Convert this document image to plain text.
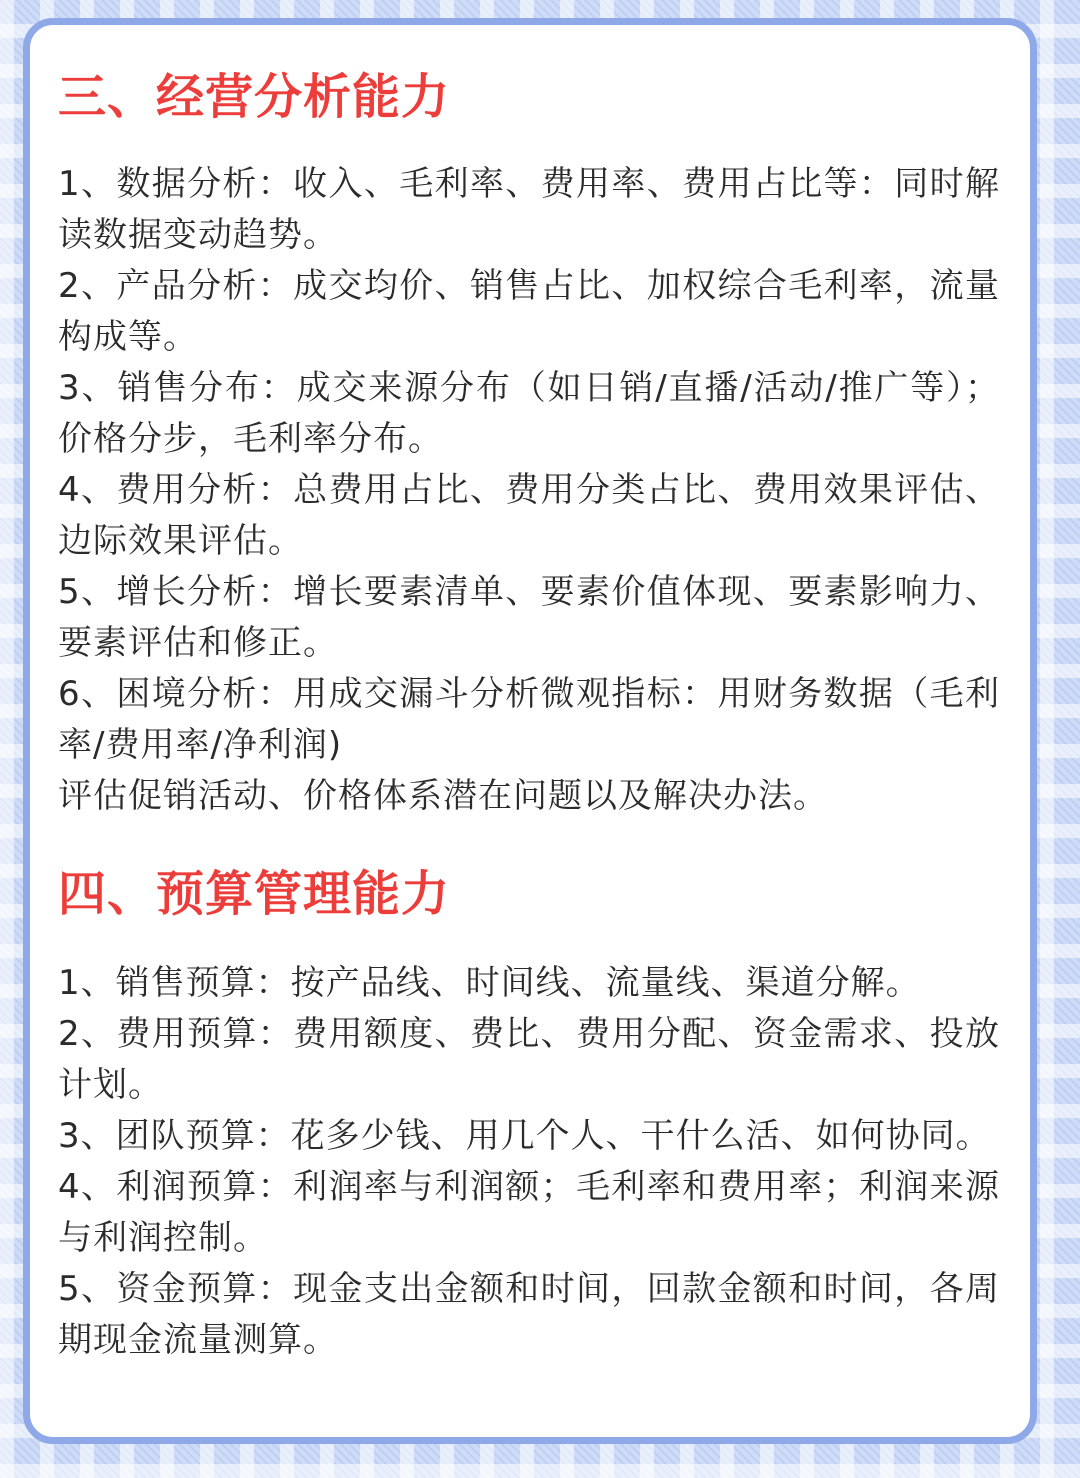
三、经营分析能力
1、数据分析：收入、毛利率、费用率、费用占比等：同时解读数据变动趋势。
2、产品分析：成交均价、销售占比、加权综合毛利率，流量构成等。
3、销售分布：成交来源分布（如日销/直播/活动/推广等）；价格分步，毛利率分布。
4、费用分析：总费用占比、费用分类占比、费用效果评估、边际效果评估。
5、增长分析：增长要素清单、要素价值体现、要素影响力、要素评估和修正。
6、困境分析：用成交漏斗分析微观指标：用财务数据（毛利率/费用率/净利润)
评估促销活动、价格体系潜在问题以及解决办法。
四、预算管理能力
1、销售预算：按产品线、时间线、流量线、渠道分解。
2、费用预算：费用额度、费比、费用分配、资金需求、投放计划。
3、团队预算：花多少钱、用几个人、干什么活、如何协同。
4、利润预算：利润率与利润额；毛利率和费用率；利润来源与利润控制。
5、资金预算：现金支出金额和时间，回款金额和时间，各周期现金流量测算。
